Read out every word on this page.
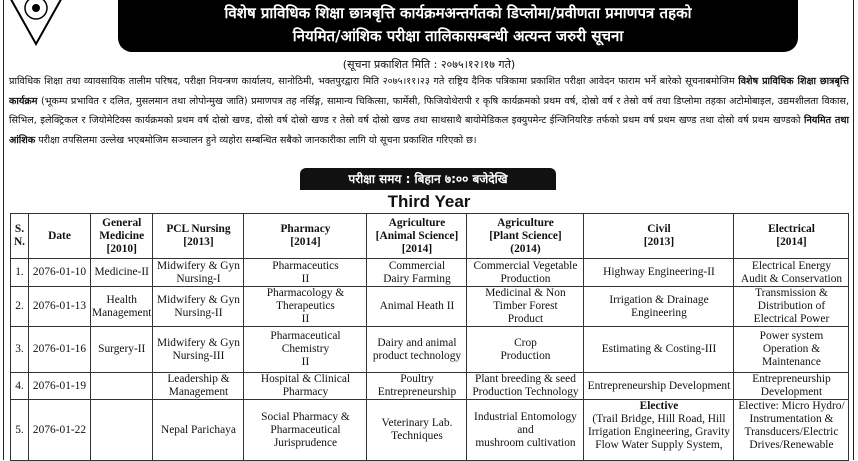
विशेष प्राविधिक शिक्षा छात्रबृत्ति कार्यक्रमअन्तर्गतको डिप्लोमा/प्रवीणता प्रमाणपत्र तहको
नियमित/आंशिक परीक्षा तालिकासम्बन्धी अत्यन्त जरुरी सूचना
(सूचना प्रकाशित मिति : २०७५।१२।१७ गते)
प्राविधिक शिक्षा तथा व्यावसायिक तालीम परिषद, परीक्षा नियन्त्रण कार्यालय, सानोठिमी, भक्तपुरद्वारा मिति २०७५।११।२३ गते राष्ट्रिय दैनिक पत्रिकामा प्रकाशित परीक्षा आवेदन फाराम भर्ने बारेको सूचनाबमोजिम विशेष प्राविधिक शिक्षा छात्रबृत्ति कार्यक्रम (भूकम्प प्रभावित र दलित, मुसलमान तथा लोपोन्मुख जाति) प्रमाणपत्र तह नर्सिङ्ग, सामान्य चिकित्सा, फार्मेसी, फिजियोथेरापी र कृषि कार्यक्रमको प्रथम वर्ष, दोस्रो वर्ष र तेस्रो वर्ष तथा डिप्लोमा तहका अटोमोबाइल, उद्यमशीलता विकास, सिभिल, इलेक्ट्रिकल र जियोमेटिक्स कार्यक्रमको प्रथम वर्ष दोस्रो खण्ड, दोस्रो वर्ष दोस्रो खण्ड र तेस्रो वर्ष दोस्रो खण्ड तथा साथसाथै बायोमेडिकल इक्युपमेन्ट ईन्जिनियरिङ तर्फको प्रथम वर्ष प्रथम खण्ड तथा दोस्रो वर्ष प्रथम खण्डको नियमित तथा आंशिक परीक्षा तपसिलमा उल्लेख भएबमोजिम सञ्चालन हुने व्यहोरा सम्बन्धित सबैको जानकारीका लागि यो सूचना प्रकाशित गरिएको छ।
परीक्षा समय : बिहान ७:०० बजेदेखि
Third Year
S.
N.	Date	General
Medicine
[2010]	PCL Nursing
[2013]	Pharmacy
[2014]	Agriculture
[Animal Science]
[2014]	Agriculture
[Plant Science]
(2014)	Civil
[2013]	Electrical
[2014]
1.	2076-01-10	Medicine-II	Midwifery & Gyn
Nursing-I	Pharmaceutics
II	Commercial
Dairy Farming	Commercial Vegetable
Production	Highway Engineering-II	Electrical Energy
Audit & Conservation
2.	2076-01-13	Health
Management	Midwifery & Gyn
Nursing-II	Pharmacology &
Therapeutics
II	Animal Heath II	Medicinal & Non
Timber Forest
Product	Irrigation & Drainage
Engineering	Transmission &
Distribution of
Electrical Power
3.	2076-01-16	Surgery-II	Midwifery & Gyn
Nursing-III	Pharmaceutical
Chemistry
II	Dairy and animal
product technology	Crop
Production	Estimating & Costing-III	Power system
Operation &
Maintenance
4.	2076-01-19		Leadership &
Management	Hospital & Clinical
Pharmacy	Poultry
Entrepreneurship	Plant breeding & seed
Production Technology	Entrepreneurship Development	Entrepreneurship
Development
5.	2076-01-22		Nepal Parichaya	Social Pharmacy &
Pharmaceutical
Jurisprudence	Veterinary Lab.
Techniques	Industrial Entomology
and
mushroom cultivation	Elective
(Trail Bridge, Hill Road, Hill
Irrigation Engineering, Gravity
Flow Water Supply System,	Elective: Micro Hydro/
Instrumentation &
Transducers/Electric
Drives/Renewable
